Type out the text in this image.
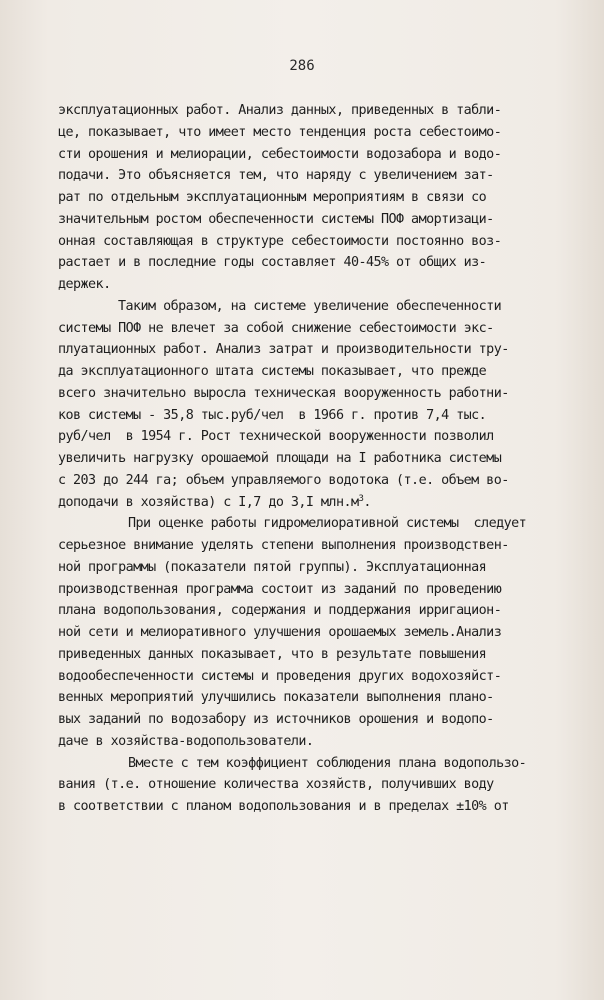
286
эксплуатационных работ. Анализ данных, приведенных в табли-
це, показывает, что имеет место тенденция роста себестоимо-
сти орошения и мелиорации, себестоимости водозабора и водо-
подачи. Это объясняется тем, что наряду с увеличением зат-
рат по отдельным эксплуатационным мероприятиям в связи со
значительным ростом обеспеченности системы ПОФ амортизаци-
онная составляющая в структуре себестоимости постоянно воз-
растает и в последние годы составляет 40-45% от общих из-
держек.
Таким образом, на системе увеличение обеспеченности
системы ПОФ не влечет за собой снижение себестоимости экс-
плуатационных работ. Анализ затрат и производительности тру-
да эксплуатационного штата системы показывает, что прежде
всего значительно выросла техническая вооруженность работни-
ков системы - 35,8 тыс.руб/чел  в 1966 г. против 7,4 тыс.
руб/чел  в 1954 г. Рост технической вооруженности позволил
увеличить нагрузку орошаемой площади на I работника системы
с 203 до 244 га; объем управляемого водотока (т.е. объем во-
доподачи в хозяйства) с I,7 до 3,I $млн.м^3$.
При оценке работы гидромелиоративной системы  следует
серьезное внимание уделять степени выполнения производствен-
ной программы (показатели пятой группы). Эксплуатационная
производственная программа состоит из заданий по проведению
плана водопользования, содержания и поддержания ирригацион-
ной сети и мелиоративного улучшения орошаемых земель.Анализ
приведенных данных показывает, что в результате повышения
водообеспеченности системы и проведения других водохозяйст-
венных мероприятий улучшились показатели выполнения плано-
вых заданий по водозабору из источников орошения и водопо-
даче в хозяйства-водопользователи.
Вместе с тем коэффициент соблюдения плана водопользо-
вания (т.е. отношение количества хозяйств, получивших воду
в соответствии с планом водопользования и в пределах ±10% от
